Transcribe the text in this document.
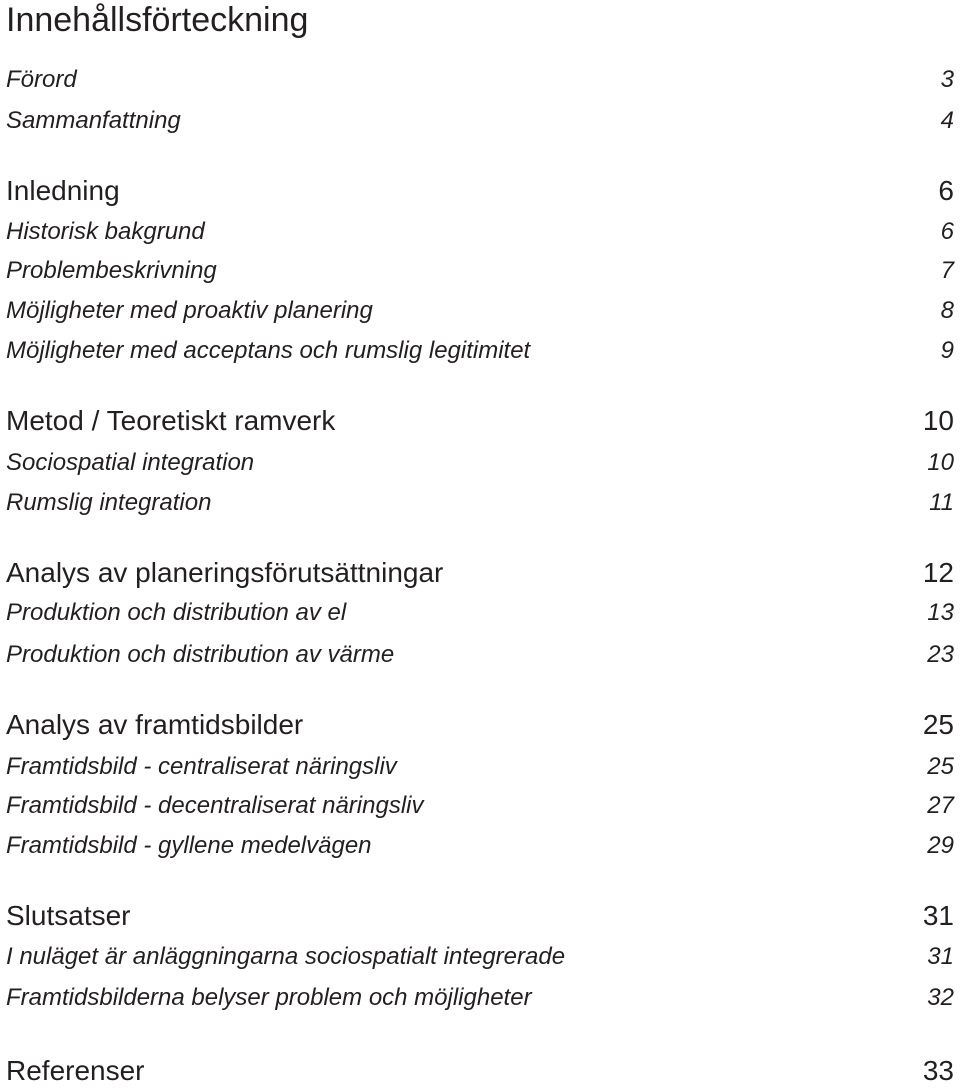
Innehållsförteckning
Förord	3
Sammanfattning	4
Inledning	6
Historisk bakgrund	6
Problembeskrivning	7
Möjligheter med proaktiv planering	8
Möjligheter med acceptans och rumslig legitimitet	9
Metod / Teoretiskt ramverk	10
Sociospatial integration	10
Rumslig integration	11
Analys av planeringsförutsättningar	12
Produktion och distribution av el	13
Produktion och distribution av värme	23
Analys av framtidsbilder	25
Framtidsbild - centraliserat näringsliv	25
Framtidsbild - decentraliserat näringsliv	27
Framtidsbild - gyllene medelvägen	29
Slutsatser	31
I nuläget är anläggningarna sociospatialt integrerade	31
Framtidsbilderna belyser problem och möjligheter	32
Referenser	33
